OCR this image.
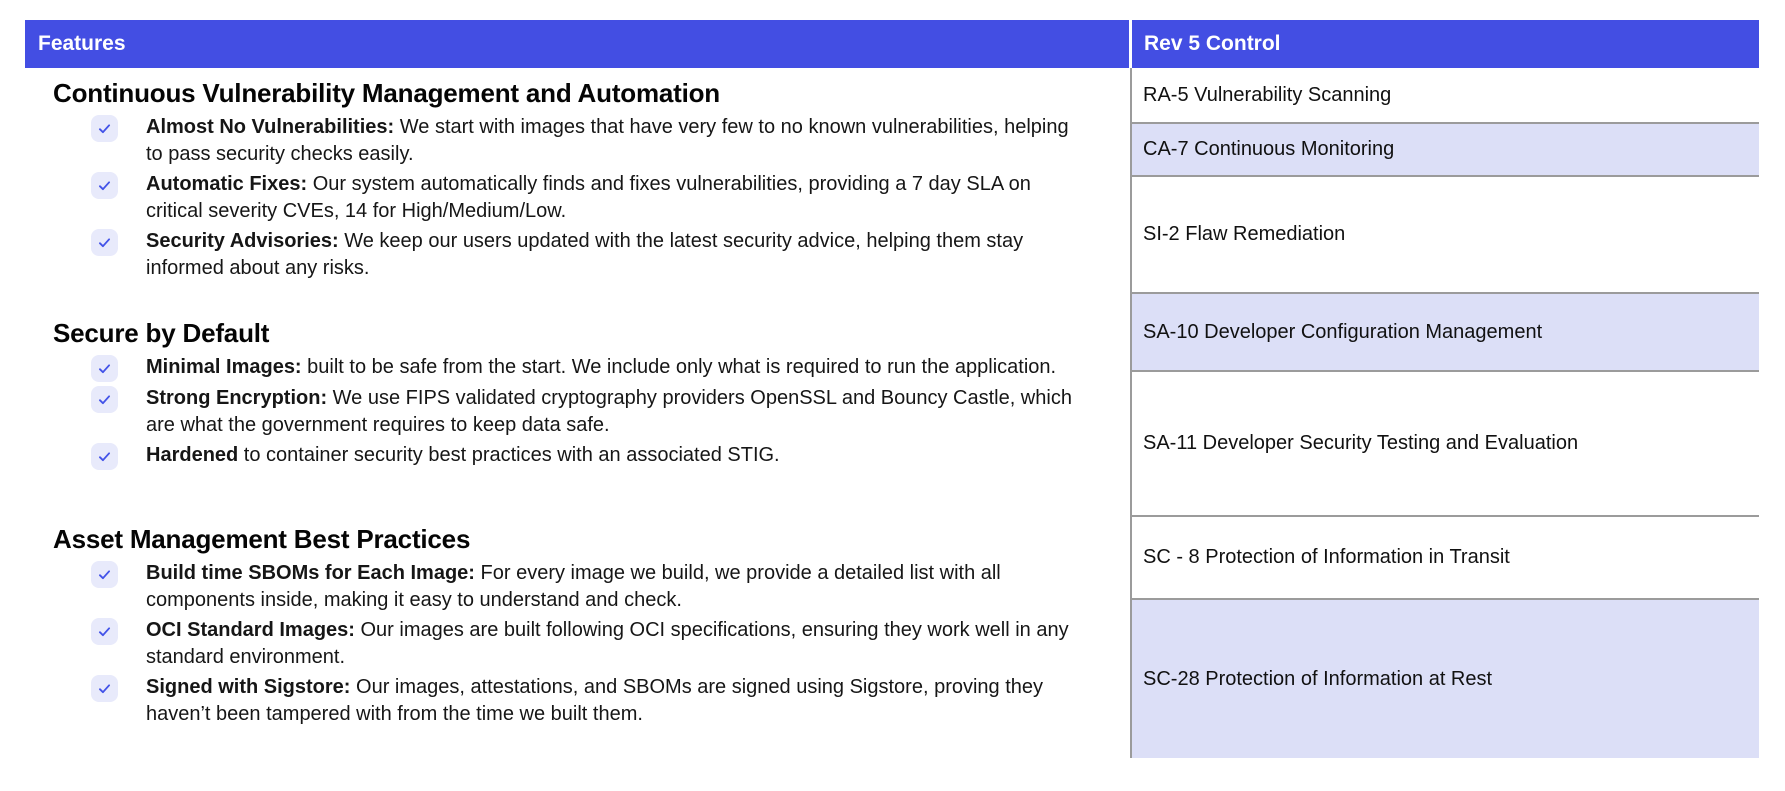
Features	Rev 5 Control
Continuous Vulnerability Management and Automation

Almost No Vulnerabilities: We start with images that have very few to no known vulnerabilities, helping to pass security checks easily.

Automatic Fixes: Our system automatically finds and fixes vulnerabilities, providing a 7 day SLA on critical severity CVEs, 14 for High/Medium/Low.

Security Advisories: We keep our users updated with the latest security advice, helping them stay informed about any risks.

Secure by Default

Minimal Images: built to be safe from the start. We include only what is required to run the application.

Strong Encryption: We use FIPS validated cryptography providers OpenSSL and Bouncy Castle, which are what the government requires to keep data safe.

Hardened to container security best practices with an associated STIG.

Asset Management Best Practices

Build time SBOMs for Each Image: For every image we build, we provide a detailed list with all components inside, making it easy to understand and check.

OCI Standard Images: Our images are built following OCI specifications, ensuring they work well in any standard environment.

Signed with Sigstore: Our images, attestations, and SBOMs are signed using Sigstore, proving they haven’t been tampered with from the time we built them.

RA-5 Vulnerability Scanning
CA-7 Continuous Monitoring
SI-2 Flaw Remediation
SA-10 Developer Configuration Management
SA-11 Developer Security Testing and Evaluation
SC - 8 Protection of Information in Transit
SC-28 Protection of Information at Rest
